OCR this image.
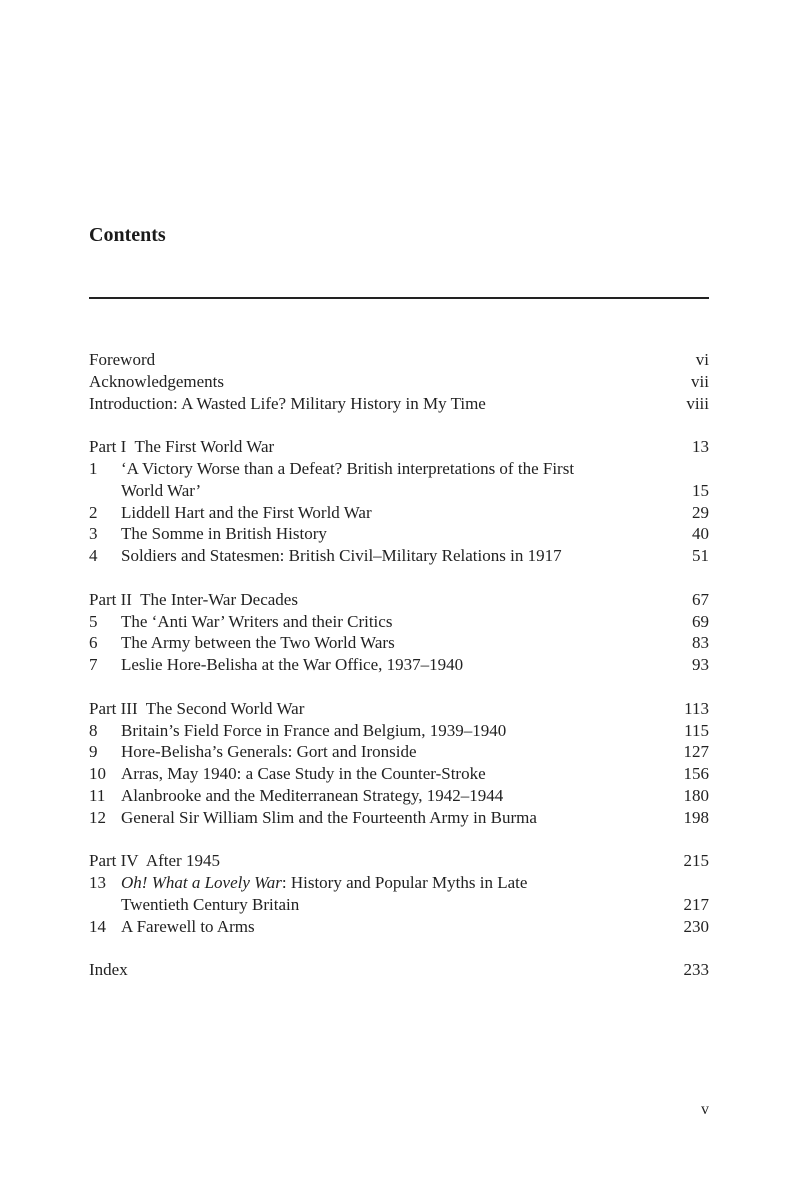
Contents
Foreword	vi
Acknowledgements	vii
Introduction: A Wasted Life? Military History in My Time	viii
Part I  The First World War	13
1	‘A Victory Worse than a Defeat? British interpretations of the First World War’	15
2	Liddell Hart and the First World War	29
3	The Somme in British History	40
4	Soldiers and Statesmen: British Civil–Military Relations in 1917	51
Part II  The Inter-War Decades	67
5	The ‘Anti War’ Writers and their Critics	69
6	The Army between the Two World Wars	83
7	Leslie Hore-Belisha at the War Office, 1937–1940	93
Part III  The Second World War	113
8	Britain’s Field Force in France and Belgium, 1939–1940	115
9	Hore-Belisha’s Generals: Gort and Ironside	127
10 Arras, May 1940: a Case Study in the Counter-Stroke	156
11 Alanbrooke and the Mediterranean Strategy, 1942–1944	180
12 General Sir William Slim and the Fourteenth Army in Burma	198
Part IV  After 1945	215
13 Oh! What a Lovely War: History and Popular Myths in Late Twentieth Century Britain	217
14 A Farewell to Arms	230
Index	233
v
